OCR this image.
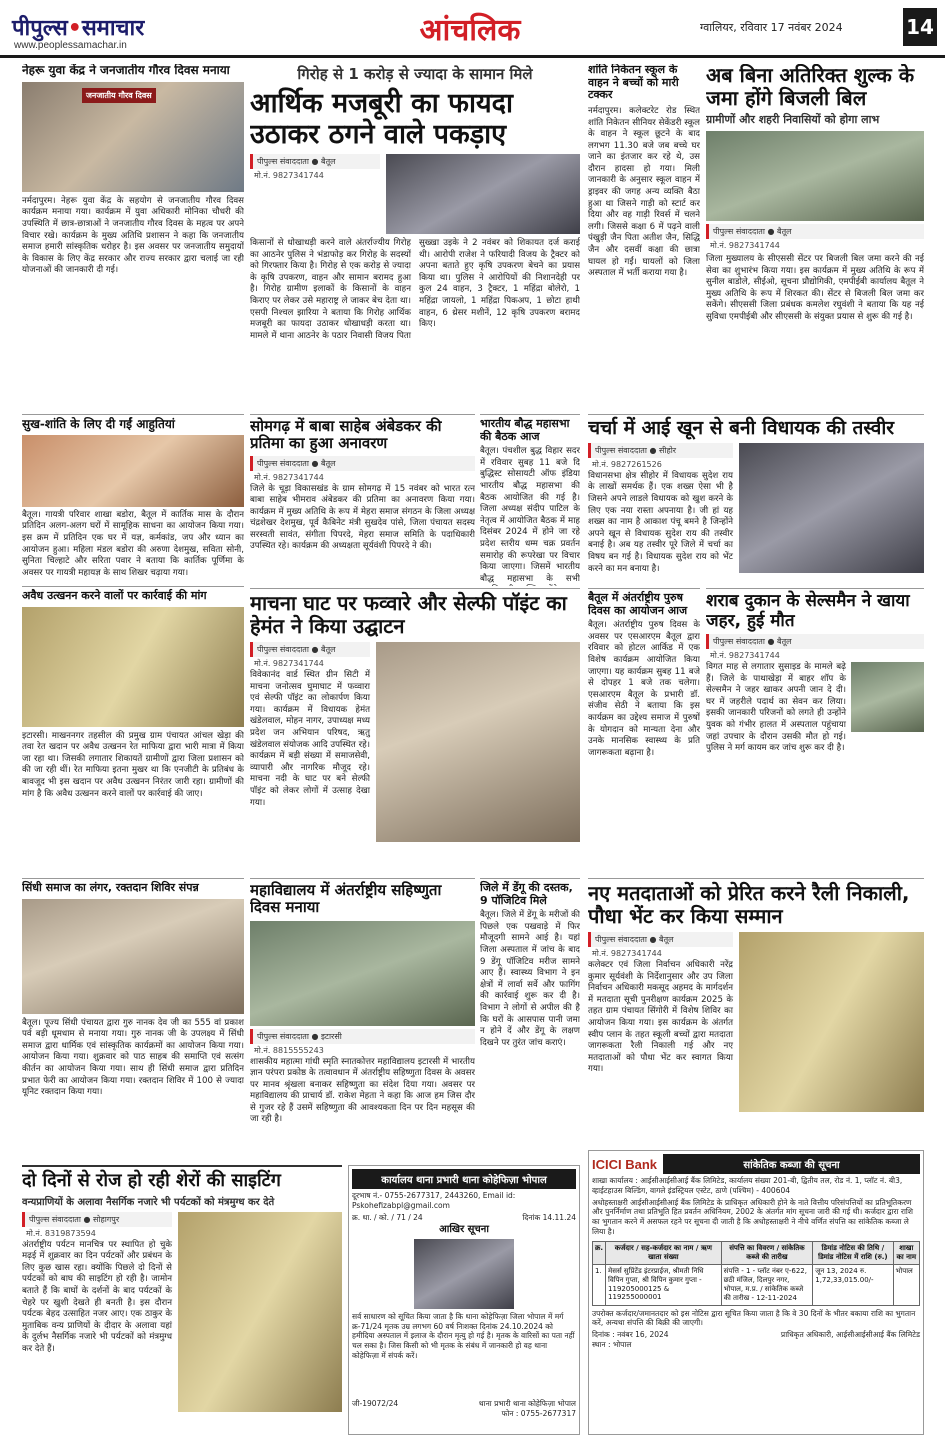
पीपुल्स•समाचार
www.peoplessamachar.in	आंचलिक	ग्वालियर, रविवार 17 नवंबर 2024	14
नेहरू युवा केंद्र ने जनजातीय गौरव दिवस मनाया
जनजातीय गौरव दिवस
नर्मदापुरम। नेहरू युवा केंद्र के सहयोग से जनजातीय गौरव दिवस कार्यक्रम मनाया गया। कार्यक्रम में युवा अधिकारी मोनिका चौधरी की उपस्थिति में छात्र-छात्राओं ने जनजातीय गौरव दिवस के महत्व पर अपने विचार रखे। कार्यक्रम के मुख्य अतिथि प्रशासन ने कहा कि जनजातीय समाज हमारी सांस्कृतिक धरोहर है। इस अवसर पर जनजातीय समुदायों के विकास के लिए केंद्र सरकार और राज्य सरकार द्वारा चलाई जा रही योजनाओं की जानकारी दी गई।
सुख-शांति के लिए दी गईं आहुतियां
बैतूल। गायत्री परिवार शाखा बडोरा, बैतूल में कार्तिक मास के दौरान प्रतिदिन अलग-अलग घरों में सामूहिक साधना का आयोजन किया गया। इस क्रम में प्रतिदिन एक घर में यज्ञ, कर्मकांड, जप और ध्यान का आयोजन हुआ। महिला मंडल बडोरा की अरुणा देशमुख, सविता सोनी, सुनिता चिल्हाटे और सरिता पवार ने बताया कि कार्तिक पूर्णिमा के अवसर पर गायत्री महायज्ञ के साथ शिखर चढ़ाया गया।
अवैध उत्खनन करने वालों पर कार्रवाई की मांग
इटारसी। माखननगर तहसील की प्रमुख ग्राम पंचायत आंचल खेड़ा की तवा रेत खदान पर अवैध उत्खनन रेत माफिया द्वारा भारी मात्रा में किया जा रहा था। जिसकी लगातार शिकायतें ग्रामीणों द्वारा जिला प्रशासन को की जा रही थीं। रेत माफिया इतना मुखर था कि एनजीटी के प्रतिबंध के बावजूद भी इस खदान पर अवैध उत्खनन निरंतर जारी रहा। ग्रामीणों की मांग है कि अवैध उत्खनन करने वालों पर कार्रवाई की जाए।
सिंधी समाज का लंगर, रक्तदान शिविर संपन्न
बैतूल। पूज्य सिंधी पंचायत द्वारा गुरु नानक देव जी का 555 वां प्रकाश पर्व बड़ी धूमधाम से मनाया गया। गुरु नानक जी के उपलक्ष्य में सिंधी समाज द्वारा धार्मिक एवं सांस्कृतिक कार्यक्रमों का आयोजन किया गया। आयोजन किया गया। शुक्रवार को पाठ साहब की समाप्ति एवं सत्संग कीर्तन का आयोजन किया गया। साथ ही सिंधी समाज द्वारा प्रतिदिन प्रभात फेरी का आयोजन किया गया। रक्तदान शिविर में 100 से ज्यादा यूनिट रक्तदान किया गया।
गिरोह से 1 करोड़ से ज्यादा के सामान मिले
आर्थिक मजबूरी का फायदा उठाकर ठगने वाले पकड़ाए
पीपुल्स संवाददाता ● बैतूल
मो.नं. 9827341744
किसानों से धोखाधड़ी करने वाले अंतर्राज्यीय गिरोह का आठनेर पुलिस ने भंडाफोड़ कर गिरोह के सदस्यों को गिरफ्तार किया है। गिरोह से एक करोड़ से ज्यादा के कृषि उपकरण, वाहन और सामान बरामद हुआ है। गिरोह ग्रामीण इलाकों के किसानों के वाहन किराए पर लेकर उसे महाराष्ट्र ले जाकर बेच देता था। एसपी निश्चल झारिया ने बताया कि गिरोह आर्थिक मजबूरी का फायदा उठाकर धोखाधड़ी करता था। मामले में थाना आठनेर के पठार निवासी विजय पिता सुख्खा उइके ने 2 नवंबर को शिकायत दर्ज कराई थी। आरोपी राजेश ने फरियादी विजय के ट्रैक्टर को अपना बताते हुए कृषि उपकरण बेचने का प्रयास किया था। पुलिस ने आरोपियों की निशानदेही पर कुल 24 वाहन, 3 ट्रैक्टर, 1 महिंद्रा बोलेरो, 1 महिंद्रा जायलो, 1 महिंद्रा पिकअप, 1 छोटा हाथी वाहन, 6 थ्रेसर मशीनें, 12 कृषि उपकरण बरामद किए।
शांति निकेतन स्कूल के वाहन ने बच्चों को मारी टक्कर
नर्मदापुरम। कलेक्टरेट रोड स्थित शांति निकेतन सीनियर सेकेंडरी स्कूल के वाहन ने स्कूल छूटने के बाद लगभग 11.30 बजे जब बच्चे घर जाने का इंतजार कर रहे थे, उस दौरान हादसा हो गया। मिली जानकारी के अनुसार स्कूल वाहन में ड्राइवर की जगह अन्य व्यक्ति बैठा हुआ था जिसने गाड़ी को स्टार्ट कर दिया और वह गाड़ी रिवर्स में चलने लगी। जिससे कक्षा 6 में पढ़ने वाली पंखुड़ी जैन पिता अतीश जैन, सिद्धि जैन और दसवीं कक्षा की छात्रा घायल हो गईं। घायलों को जिला अस्पताल में भर्ती कराया गया है।
अब बिना अतिरिक्त शुल्क के जमा होंगे बिजली बिल
ग्रामीणों और शहरी निवासियों को होगा लाभ
पीपुल्स संवाददाता ● बैतूल
मो.नं. 9827341744
जिला मुख्यालय के सीएससी सेंटर पर बिजली बिल जमा करने की नई सेवा का शुभारंभ किया गया। इस कार्यक्रम में मुख्य अतिथि के रूप में सुनील बाडोले, सीईओ, सूचना प्रौद्योगिकी, एमपीईबी कार्यालय बैतूल ने मुख्य अतिथि के रूप में शिरकत की। सेंटर से बिजली बिल जमा कर सकेंगे। सीएससी जिला प्रबंधक कमलेश रघुवंशी ने बताया कि यह नई सुविधा एमपीईबी और सीएससी के संयुक्त प्रयास से शुरू की गई है।
सोमगढ़ में बाबा साहेब अंबेडकर की प्रतिमा का हुआ अनावरण
पीपुल्स संवाददाता ● बैतूल
मो.नं. 9827341744
जिले के चूड़ा विकासखंड के ग्राम सोमगढ़ में 15 नवंबर को भारत रत्न बाबा साहेब भीमराव अंबेडकर की प्रतिमा का अनावरण किया गया। कार्यक्रम में मुख्य अतिथि के रूप में मेहरा समाज संगठन के जिला अध्यक्ष चंद्रशेखर देशमुख, पूर्व कैबिनेट मंत्री सुखदेव पांसे, जिला पंचायत सदस्य सरस्वती सावंत, संगीता पिपरदे, मेहरा समाज समिति के पदाधिकारी उपस्थित रहे। कार्यक्रम की अध्यक्षता सूर्यवंशी पिपरदे ने की।
भारतीय बौद्ध महासभा की बैठक आज
बैतूल। पंचशील बुद्ध विहार सदर में रविवार सुबह 11 बजे दि बुद्धिस्ट सोसायटी ऑफ इंडिया भारतीय बौद्ध महासभा की बैठक आयोजित की गई है। जिला अध्यक्ष संदीप पाटिल के नेतृत्व में आयोजित बैठक में माह दिसंबर 2024 में होने जा रहे प्रदेश स्तरीय धम्म चक्र प्रवर्तन समारोह की रूपरेखा पर विचार किया जाएगा। जिसमें भारतीय बौद्ध महासभा के सभी
चर्चा में आई खून से बनी विधायक की तस्वीर
पीपुल्स संवाददाता ● सीहोर
मो.नं. 9827261526
विधानसभा क्षेत्र सीहोर में विधायक सुदेश राय के लाखों समर्थक हैं। एक शख्स ऐसा भी है जिसने अपने लाडले विधायक को खुश करने के लिए एक नया रास्ता अपनाया है। जी हां यह शख्स का नाम है आकाश पंचू बमने है जिन्होंने अपने खून से विधायक सुदेश राय की तस्वीर बनाई है। अब यह तस्वीर पूरे जिले में चर्चा का विषय बन गई है। विधायक सुदेश राय को भेंट करने का मन बनाया है।
माचना घाट पर फव्वारे और सेल्फी पॉइंट का हेमंत ने किया उद्घाटन
पीपुल्स संवाददाता ● बैतूल
मो.नं. 9827341744
विवेकानंद वार्ड स्थित ग्रीन सिटी में माचना जनोत्सव घुमाघाट में फव्वारा एवं सेल्फी पॉइंट का लोकार्पण किया गया। कार्यक्रम में विधायक हेमंत खंडेलवाल, मोहन नागर, उपाध्यक्ष मध्य प्रदेश जन अभियान परिषद, ऋतु खंडेलवाल संयोजक आदि उपस्थित रहे। कार्यक्रम में बड़ी संख्या में समाजसेवी, व्यापारी और नागरिक मौजूद रहे। माचना नदी के घाट पर बने सेल्फी पॉइंट को लेकर लोगों में उत्साह देखा गया।
बैतूल में अंतर्राष्ट्रीय पुरुष दिवस का आयोजन आज
बैतूल। अंतर्राष्ट्रीय पुरुष दिवस के अवसर पर एसआरएम बैतूल द्वारा रविवार को होटल आर्किड में एक विशेष कार्यक्रम आयोजित किया जाएगा। यह कार्यक्रम सुबह 11 बजे से दोपहर 1 बजे तक चलेगा। एसआरएम बैतूल के प्रभारी डॉ. संजीव सेठी ने बताया कि इस कार्यक्रम का उद्देश्य समाज में पुरुषों के योगदान को मान्यता देना और उनके मानसिक स्वास्थ्य के प्रति जागरूकता बढ़ाना है।
शराब दुकान के सेल्समैन ने खाया जहर, हुई मौत
पीपुल्स संवाददाता ● बैतूल
मो.नं. 9827341744
विगत माह से लगातार सुसाइड के मामले बढ़े हैं। जिले के पाथाखेड़ा में बाहर शॉप के सेल्समैन ने जहर खाकर अपनी जान दे दी। घर में जहरीले पदार्थ का सेवन कर लिया। इसकी जानकारी परिजनों को लगते ही उन्होंने युवक को गंभीर हालत में अस्पताल पहुंचाया जहां उपचार के दौरान उसकी मौत हो गई। पुलिस ने मर्ग कायम कर जांच शुरू कर दी है।
महाविद्यालय में अंतर्राष्ट्रीय सहिष्णुता दिवस मनाया
पीपुल्स संवाददाता ● इटारसी
मो.नं. 8815555243
शासकीय महात्मा गांधी स्मृति स्नातकोत्तर महाविद्यालय इटारसी में भारतीय ज्ञान परंपरा प्रकोष्ठ के तत्वावधान में अंतर्राष्ट्रीय सहिष्णुता दिवस के अवसर पर मानव श्रृंखला बनाकर सहिष्णुता का संदेश दिया गया। अवसर पर महाविद्यालय की प्राचार्य डॉ. राकेश मेहता ने कहा कि आज हम जिस दौर से गुजर रहे हैं उसमें सहिष्णुता की आवश्यकता दिन पर दिन महसूस की जा रही है।
जिले में डेंगू की दस्तक, 9 पॉजिटिव मिले
बैतूल। जिले में डेंगू के मरीजों की पिछले एक पखवाड़े में फिर मौजूदगी सामने आई है। यहां जिला अस्पताल में जांच के बाद 9 डेंगू पॉजिटिव मरीज सामने आए हैं। स्वास्थ्य विभाग ने इन क्षेत्रों में लार्वा सर्वे और फागिंग की कार्रवाई शुरू कर दी है। विभाग ने लोगों से अपील की है कि घरों के आसपास पानी जमा न होने दें और डेंगू के लक्षण दिखने पर तुरंत जांच कराएं।
नए मतदाताओं को प्रेरित करने रैली निकाली, पौधा भेंट कर किया सम्मान
पीपुल्स संवाददाता ● बैतूल
मो.नं. 9827341744
कलेक्टर एवं जिला निर्वाचन अधिकारी नरेंद्र कुमार सूर्यवंशी के निर्देशानुसार और उप जिला निर्वाचन अधिकारी मकसूद अहमद के मार्गदर्शन में मतदाता सूची पुनरीक्षण कार्यक्रम 2025 के तहत ग्राम पंचायत सिंगोरी में विशेष शिविर का आयोजन किया गया। इस कार्यक्रम के अंतर्गत स्वीप प्लान के तहत स्कूली बच्चों द्वारा मतदाता जागरूकता रैली निकाली गई और नए मतदाताओं को पौधा भेंट कर स्वागत किया गया।
दो दिनों से रोज हो रही शेरों की साइटिंग
वन्यप्राणियों के अलावा नैसर्गिक नजारे भी पर्यटकों को मंत्रमुग्ध कर देते
पीपुल्स संवाददाता ● सोहागपुर
मो.नं. 8319873594
अंतर्राष्ट्रीय पर्यटन मानचित्र पर स्थापित हो चुके मढ़ई में शुक्रवार का दिन पर्यटकों और प्रबंधन के लिए कुछ खास रहा। क्योंकि पिछले दो दिनों से पर्यटकों को बाघ की साइटिंग हो रही है। जामोन बताते हैं कि बाघों के दर्शनों के बाद पर्यटकों के चेहरे पर खुशी देखते ही बनती है। इस दौरान पर्यटक बेहद उत्साहित नजर आए। एक ठाकुर के मुताबिक वन्य प्राणियों के दीदार के अलावा यहां के दुर्लभ नैसर्गिक नजारे भी पर्यटकों को मंत्रमुग्ध कर देते हैं।
कार्यालय थाना प्रभारी थाना कोहेफिज़ा भोपाल
दूरभाष नं.- 0755-2677317, 2443260, Email id: Pskohefizabpl@gmail.com
क्र. था. / को. / 71 / 24	दिनांक 14.11.24
आखिर सूचना
सर्व साधारण को सूचित किया जाता है कि थाना कोहेफिज़ा जिला भोपाल में मर्ग क्र-71/24 मृतक उम्र लगभग 60 वर्ष निःशक्त दिनांक 24.10.2024 को हमीदिया अस्पताल में इलाज के दौरान मृत्यु हो गई है। मृतक के वारिसों का पता नहीं चल सका है। जिस किसी को भी मृतक के संबंध में जानकारी हो वह थाना कोहेफिज़ा में संपर्क करें।
जी-19072/24	थाना प्रभारी थाना कोहेफिज़ा भोपाल
फोन : 0755-2677317
ICICI Bank	सांकेतिक कब्जा की सूचना
शाखा कार्यालय : आईसीआईसीआई बैंक लिमिटेड, कार्यालय संख्या 201-बी, द्वितीय तल, रोड नं. 1, प्लॉट नं. बी3, व्हाईटहाउस बिल्डिंग, वागले इंडस्ट्रियल एस्टेट, ठाणे (पश्चिम) - 400604
अधोहस्ताक्षरी आईसीआईसीआई बैंक लिमिटेड के प्राधिकृत अधिकारी होने के नाते वित्तीय परिसंपत्तियों का प्रतिभूतिकरण और पुनर्निर्माण तथा प्रतिभूति हित प्रवर्तन अधिनियम, 2002 के अंतर्गत मांग सूचना जारी की गई थी। कर्जदार द्वारा राशि का भुगतान करने में असफल रहने पर सूचना दी जाती है कि अधोहस्ताक्षरी ने नीचे वर्णित संपत्ति का सांकेतिक कब्जा ले लिया है।
क्र.	कर्जदार / सह-कर्जदार का नाम / ऋण खाता संख्या	संपत्ति का विवरण / सांकेतिक कब्जे की तारीख	डिमांड नोटिस की तिथि / डिमांड नोटिस में राशि (रु.)	शाखा का नाम
1.	मेसर्स सुप्रिंटेंड इंटरप्राईज, श्रीमती निधि विपिन गुप्ता, श्री विपिन कुमार गुप्ता - 119205000125 & 119255000001	संपत्ति - 1 - प्लॉट नंबर ए-622, छठी मंजिल, दिलपुर नगर, भोपाल, म.प्र. / सांकेतिक कब्जे की तारीख - 12-11-2024	जून 13, 2024 रु. 1,72,33,015.00/-	भोपाल
उपरोक्त कर्जदार/जमानतदार को इस नोटिस द्वारा सूचित किया जाता है कि वे 30 दिनों के भीतर बकाया राशि का भुगतान करें, अन्यथा संपत्ति की बिक्री की जाएगी।
दिनांक : नवंबर 16, 2024
स्थान : भोपाल
प्राधिकृत अधिकारी, आईसीआईसीआई बैंक लिमिटेड
